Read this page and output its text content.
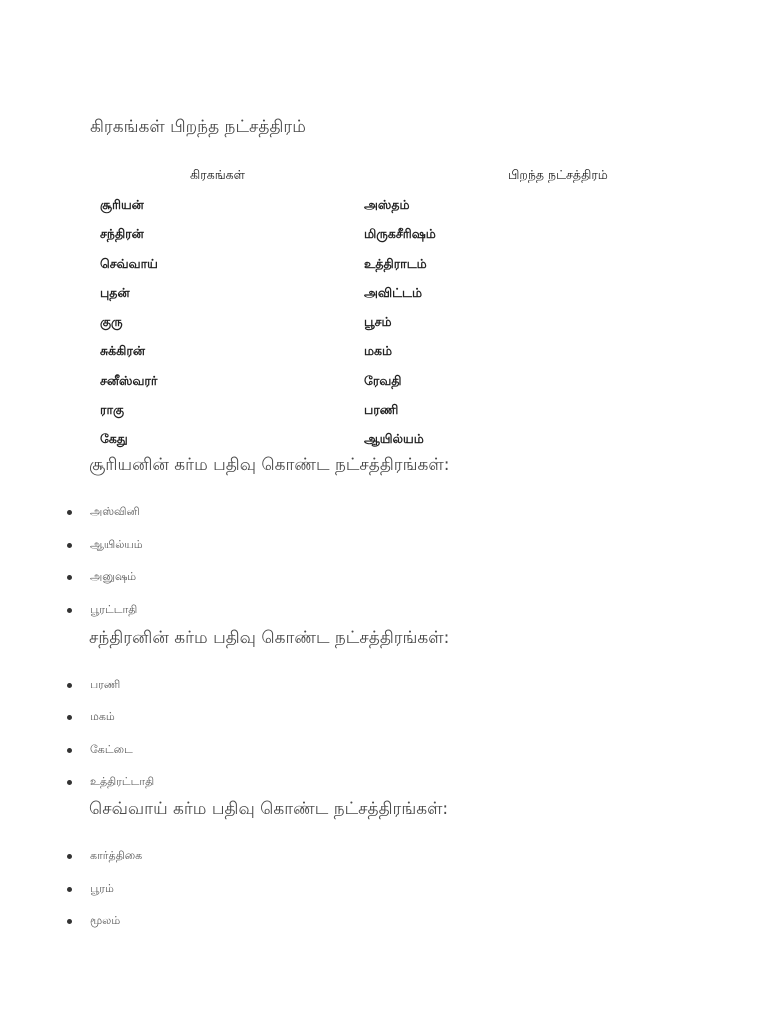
கிரகங்கள் பிறந்த நட்சத்திரம்
கிரகங்கள்	பிறந்த நட்சத்திரம்
சூரியன்	அஸ்தம்
சந்திரன்	மிருகசீரிஷம்
செவ்வாய்	உத்திராடம்
புதன்	அவிட்டம்
குரு	பூசம்
சுக்கிரன்	மகம்
சனீஸ்வரர்	ரேவதி
ராகு	பரணி
கேது	ஆயில்யம்
சூரியனின் கர்ம பதிவு கொண்ட நட்சத்திரங்கள்:
அஸ்வினி
ஆயில்யம்
அனுஷம்
பூரட்டாதி
சந்திரனின் கர்ம பதிவு கொண்ட நட்சத்திரங்கள்:
பரணி
மகம்
கேட்டை
உத்திரட்டாதி
செவ்வாய் கர்ம பதிவு கொண்ட நட்சத்திரங்கள்:
கார்த்திகை
பூரம்
மூலம்
